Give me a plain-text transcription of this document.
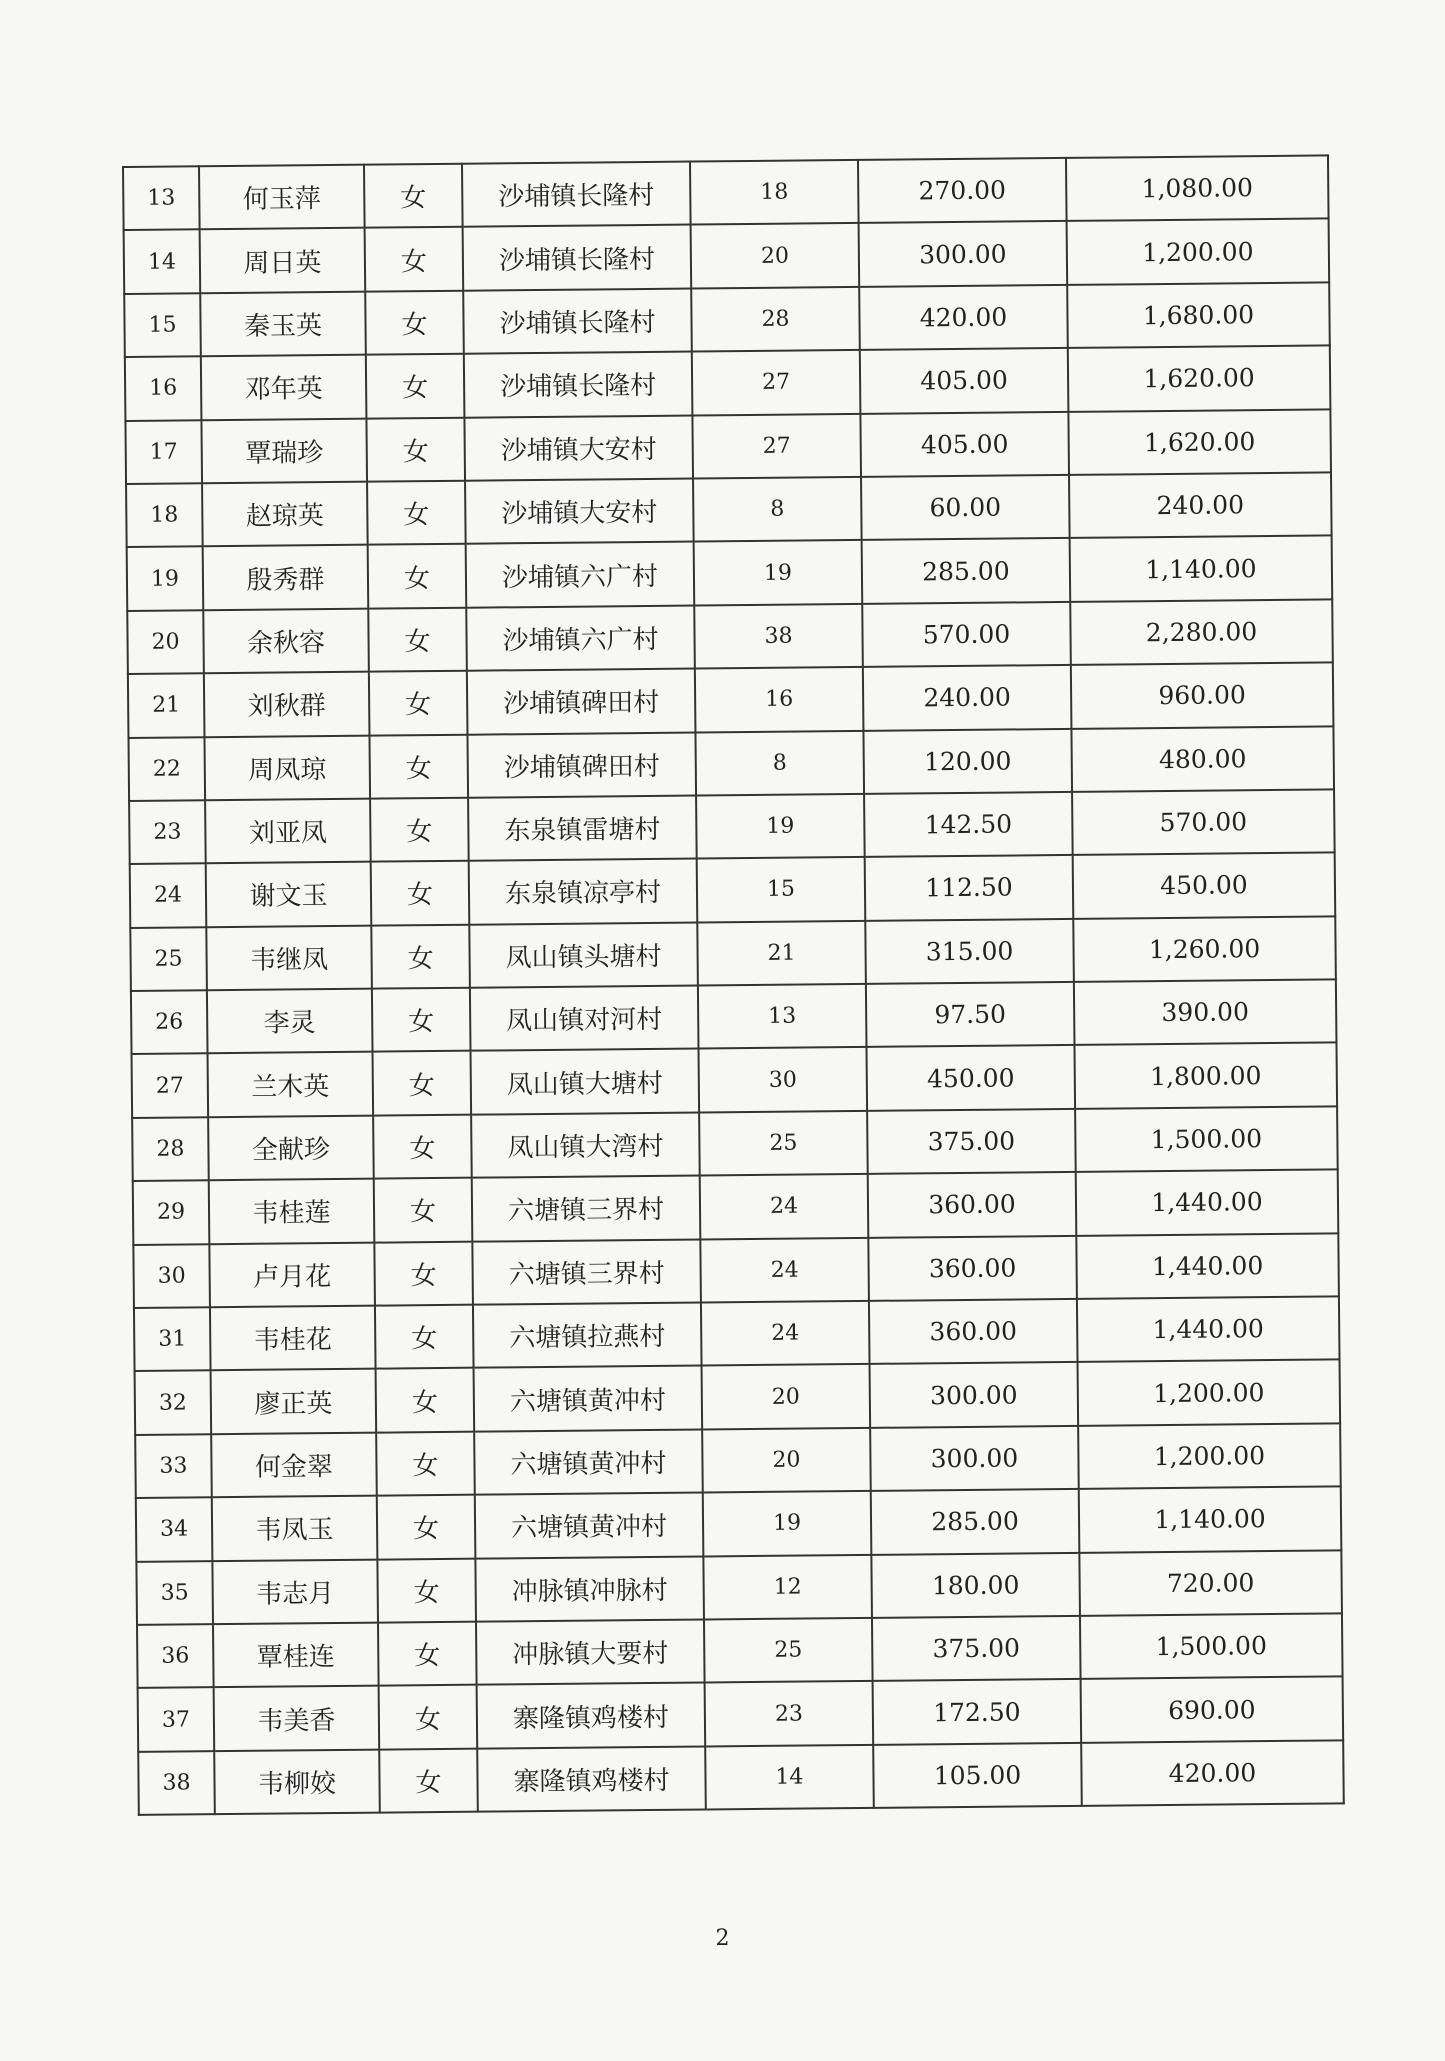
13	何玉萍	女	沙埔镇长隆村	18	270.00	1,080.00
14	周日英	女	沙埔镇长隆村	20	300.00	1,200.00
15	秦玉英	女	沙埔镇长隆村	28	420.00	1,680.00
16	邓年英	女	沙埔镇长隆村	27	405.00	1,620.00
17	覃瑞珍	女	沙埔镇大安村	27	405.00	1,620.00
18	赵琼英	女	沙埔镇大安村	8	60.00	240.00
19	殷秀群	女	沙埔镇六广村	19	285.00	1,140.00
20	余秋容	女	沙埔镇六广村	38	570.00	2,280.00
21	刘秋群	女	沙埔镇碑田村	16	240.00	960.00
22	周凤琼	女	沙埔镇碑田村	8	120.00	480.00
23	刘亚凤	女	东泉镇雷塘村	19	142.50	570.00
24	谢文玉	女	东泉镇凉亭村	15	112.50	450.00
25	韦继凤	女	凤山镇头塘村	21	315.00	1,260.00
26	李灵	女	凤山镇对河村	13	97.50	390.00
27	兰木英	女	凤山镇大塘村	30	450.00	1,800.00
28	全献珍	女	凤山镇大湾村	25	375.00	1,500.00
29	韦桂莲	女	六塘镇三界村	24	360.00	1,440.00
30	卢月花	女	六塘镇三界村	24	360.00	1,440.00
31	韦桂花	女	六塘镇拉燕村	24	360.00	1,440.00
32	廖正英	女	六塘镇黄冲村	20	300.00	1,200.00
33	何金翠	女	六塘镇黄冲村	20	300.00	1,200.00
34	韦凤玉	女	六塘镇黄冲村	19	285.00	1,140.00
35	韦志月	女	冲脉镇冲脉村	12	180.00	720.00
36	覃桂连	女	冲脉镇大要村	25	375.00	1,500.00
37	韦美香	女	寨隆镇鸡楼村	23	172.50	690.00
38	韦柳姣	女	寨隆镇鸡楼村	14	105.00	420.00
2
